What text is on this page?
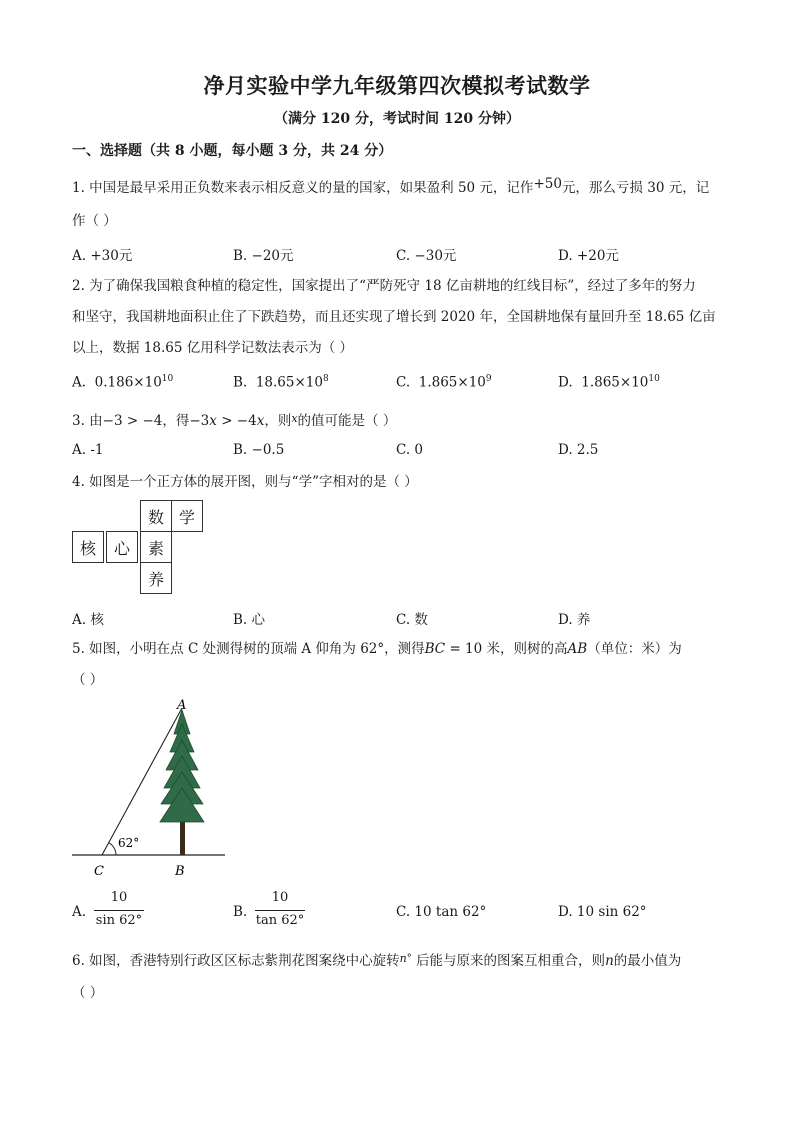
净月实验中学九年级第四次模拟考试数学
（满分 120 分，考试时间 120 分钟）
一、选择题（共 8 小题，每小题 3 分，共 24 分）
1. 中国是最早采用正负数来表示相反意义的量的国家，如果盈利 50 元，记作+50元，那么亏损 30 元，记
作（ ）
A. +30元	B. −20元	C. −30元	D. +20元
2. 为了确保我国粮食种植的稳定性，国家提出了“严防死守 18 亿亩耕地的红线目标”，经过了多年的努力
和坚守，我国耕地面积止住了下跌趋势，而且还实现了增长到 2020 年，全国耕地保有量回升至 18.65 亿亩
以上，数据 18.65 亿用科学记数法表示为（ ）
A. $0.186\times 10^{10}$	B. $18.65\times 10^8$	C. $1.865\times 10^9$	D. $1.865\times 10^{10}$
3. 由−3 > −4，得−3x > −4x，则$^x$的值可能是（ ）
A. -1	B. −0.5	C. 0	D. 2.5
4. 如图是一个正方体的展开图，则与“学”字相对的是（ ）
数 学
核	心	素
养
A. 核	B. 心	C. 数	D. 养
5. 如图，小明在点 C 处测得树的顶端 A 仰角为 62°，测得BC = 10 米，则树的高AB（单位：米）为
（ ）
A
B
C
62°
A.
10
sin 62°
B.
10
tan 62°
C. 10 tan 62°	D. 10 sin 62°
6. 如图，香港特别行政区区标志紫荆花图案绕中心旋转$^{n^\circ}$ 后能与原来的图案互相重合，则n的最小值为
（ ）
